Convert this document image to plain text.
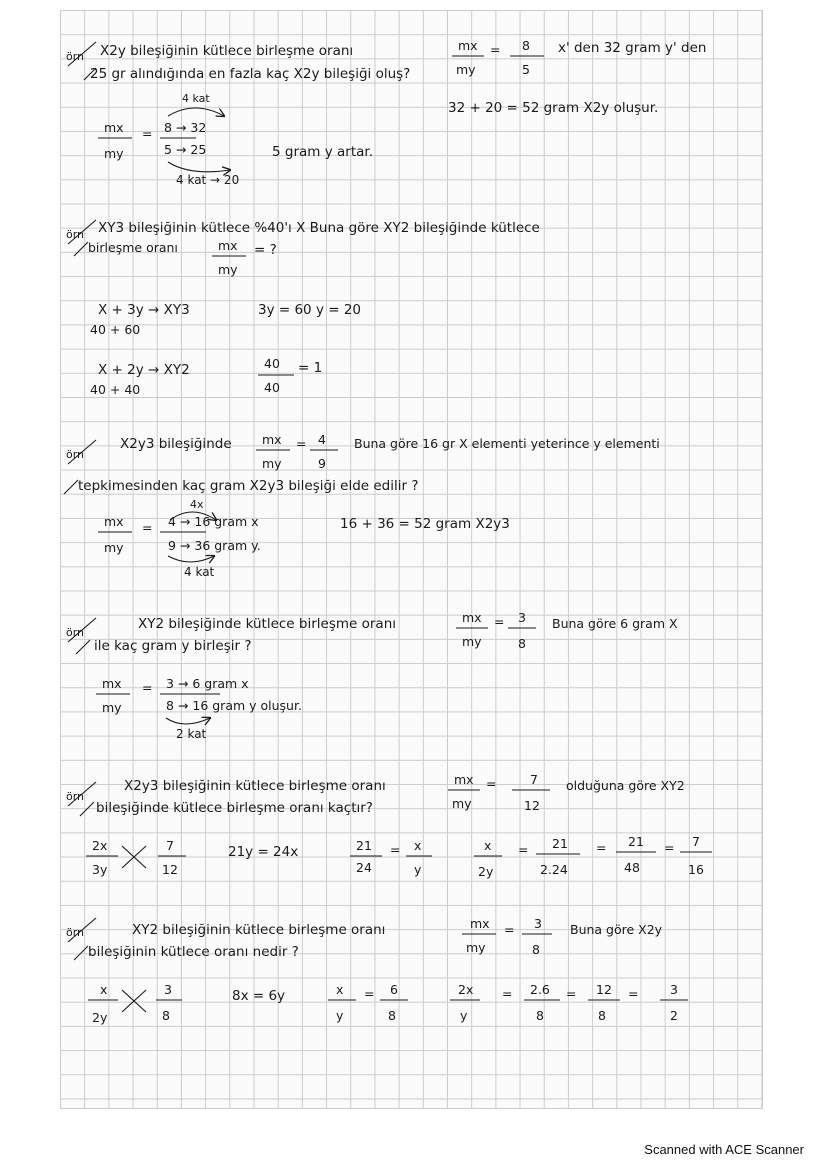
örn X2y bileşiğinin kütlece birleşme oranı	mx = 8
5
x' den 32 gram y' den
25 gr alındığında en fazla kaç X2y bileşiği oluş?	my
4 kat
mx
my
= 8 → 32
5 → 25
4 kat → 20
5 gram y artar.
32 + 20 = 52 gram X2y oluşur.
örn XY3 bileşiğinin kütlece %40'ı X Buna göre XY2 bileşiğinde kütlece
birleşme oranı	mx
my
= ?
X + 3y → XY3
40 + 60
3y = 60 y = 20
X + 2y → XY2
40 + 40
40
40
= 1
örn
X2y3 bileşiğinde mx
my
= 4
9
Buna göre 16 gr X elementi yeterince y elementi
tepkimesinden kaç gram X2y3 bileşiği elde edilir ?
4x
mx
my
= 4 → 16 gram x
9 → 36 gram y.
4 kat
16 + 36 = 52 gram X2y3
örn
XY2 bileşiğinde kütlece birleşme oranı	mx
my
= 3
8
Buna göre 6 gram X
ile kaç gram y birleşir ?
mx
my
= 3 → 6 gram x
8 → 16 gram y oluşur.
2 kat
örn
X2y3 bileşiğinin kütlece birleşme oranı	mx
my
=	7
12
olduğuna göre XY2
bileşiğinde kütlece birleşme oranı kaçtır?
2x
3y
7
12
21y = 24x	21
24
= x
y
x
2y
= 21
2.24
= 21
48
= 7
16
örn	XY2 bileşiğinin kütlece birleşme oranı	mx
my
= 3
8
Buna göre X2y
bileşiğinin kütlece oranı nedir ?
x
2y
3
8
8x = 6y	x
y
= 6
8
2x
y
= 2.6
8
= 12
8
=	3
2
Scanned with ACE Scanner
